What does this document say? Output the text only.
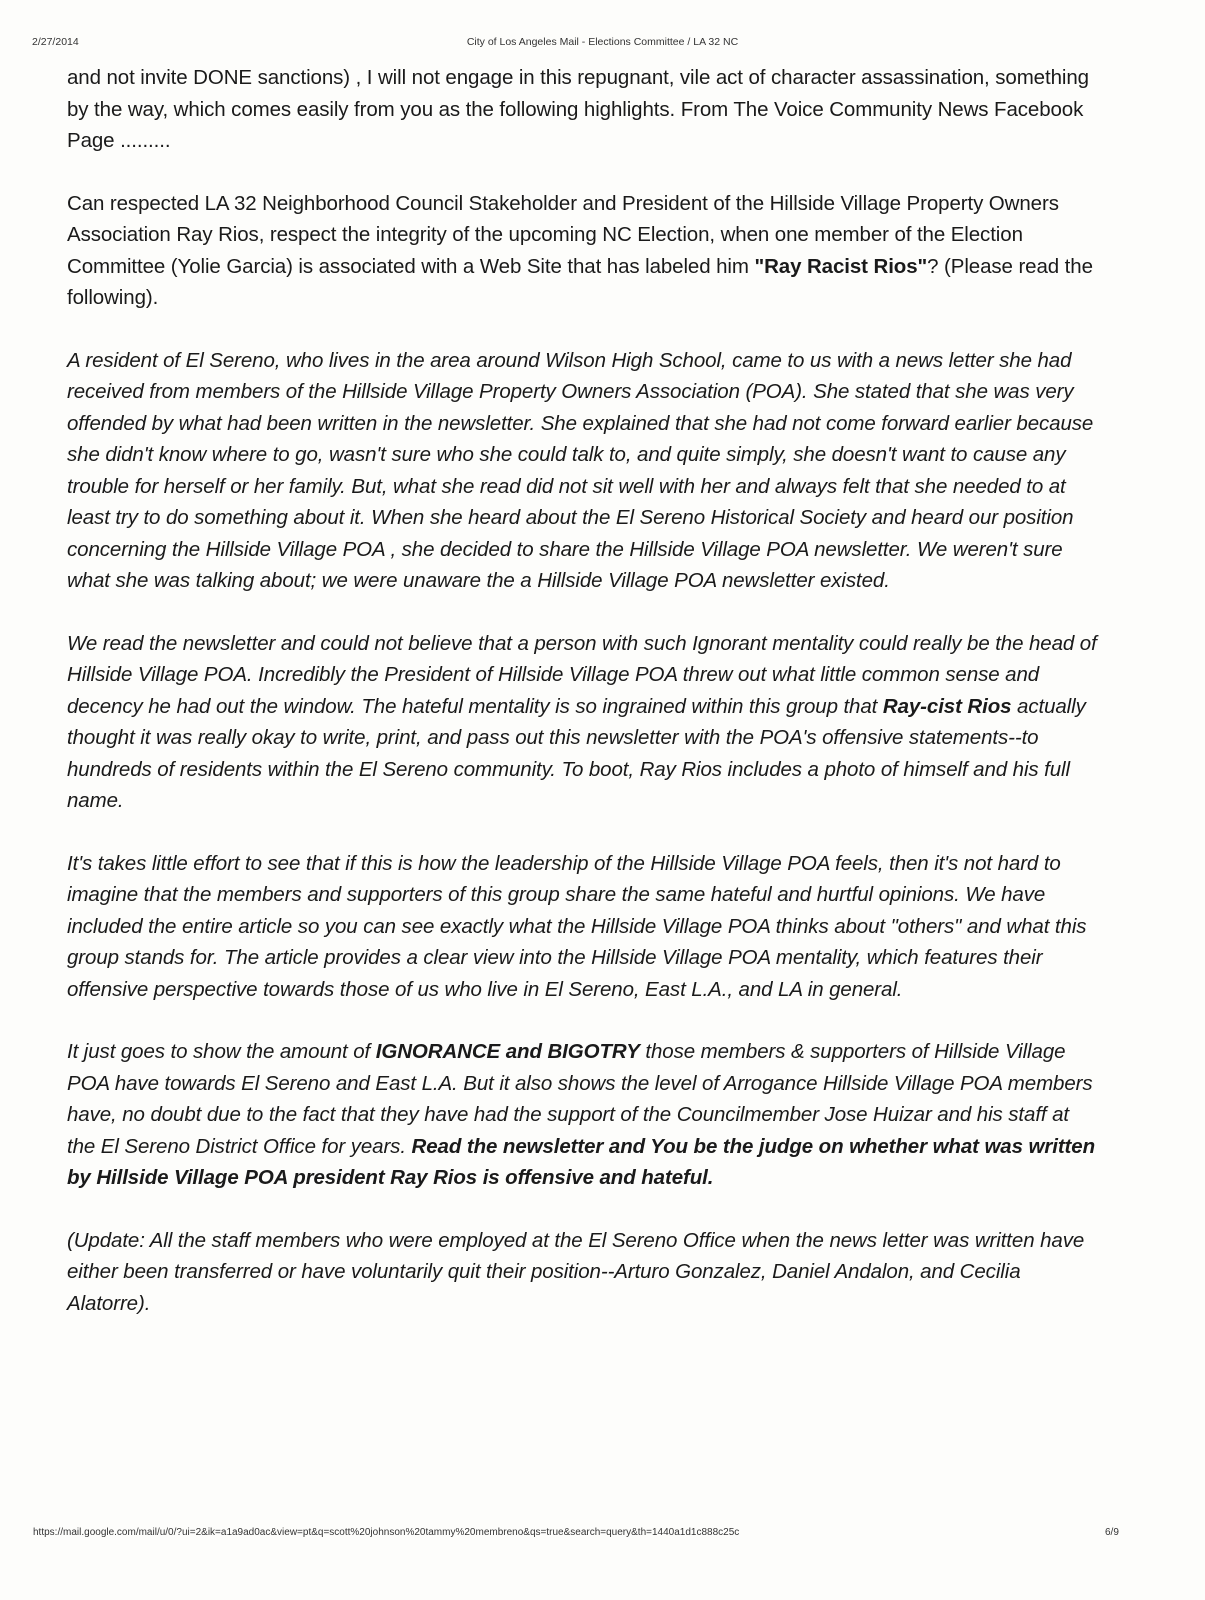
2/27/2014	City of Los Angeles Mail - Elections Committee / LA 32 NC

and not invite DONE sanctions) , I will not engage in this repugnant, vile act of character assassination, something by the way, which comes easily from you as the following highlights. From The Voice Community News Facebook Page .........

Can respected LA 32 Neighborhood Council Stakeholder and President of the Hillside Village Property Owners Association Ray Rios, respect the integrity of the upcoming NC Election, when one member of the Election Committee (Yolie Garcia) is associated with a Web Site that has labeled him "Ray Racist Rios"? (Please read the following).

A resident of El Sereno, who lives in the area around Wilson High School, came to us with a news letter she had received from members of the Hillside Village Property Owners Association (POA). She stated that she was very offended by what had been written in the newsletter. She explained that she had not come forward earlier because she didn't know where to go, wasn't sure who she could talk to, and quite simply, she doesn't want to cause any trouble for herself or her family. But, what she read did not sit well with her and always felt that she needed to at least try to do something about it. When she heard about the El Sereno Historical Society and heard our position concerning the Hillside Village POA , she decided to share the Hillside Village POA newsletter. We weren't sure what she was talking about; we were unaware the a Hillside Village POA newsletter existed.

We read the newsletter and could not believe that a person with such Ignorant mentality could really be the head of Hillside Village POA. Incredibly the President of Hillside Village POA threw out what little common sense and decency he had out the window. The hateful mentality is so ingrained within this group that Ray-cist Rios actually thought it was really okay to write, print, and pass out this newsletter with the POA's offensive statements--to hundreds of residents within the El Sereno community. To boot, Ray Rios includes a photo of himself and his full name.

It's takes little effort to see that if this is how the leadership of the Hillside Village POA feels, then it's not hard to imagine that the members and supporters of this group share the same hateful and hurtful opinions. We have included the entire article so you can see exactly what the Hillside Village POA thinks about "others" and what this group stands for. The article provides a clear view into the Hillside Village POA mentality, which features their offensive perspective towards those of us who live in El Sereno, East L.A., and LA in general.

It just goes to show the amount of IGNORANCE and BIGOTRY those members & supporters of Hillside Village POA have towards El Sereno and East L.A. But it also shows the level of Arrogance Hillside Village POA members have, no doubt due to the fact that they have had the support of the Councilmember Jose Huizar and his staff at the El Sereno District Office for years. Read the newsletter and You be the judge on whether what was written by Hillside Village POA president Ray Rios is offensive and hateful.

(Update: All the staff members who were employed at the El Sereno Office when the news letter was written have either been transferred or have voluntarily quit their position--Arturo Gonzalez, Daniel Andalon, and Cecilia Alatorre).

https://mail.google.com/mail/u/0/?ui=2&ik=a1a9ad0ac&view=pt&q=scott%20johnson%20tammy%20membreno&qs=true&search=query&th=1440a1d1c888c25c	6/9
